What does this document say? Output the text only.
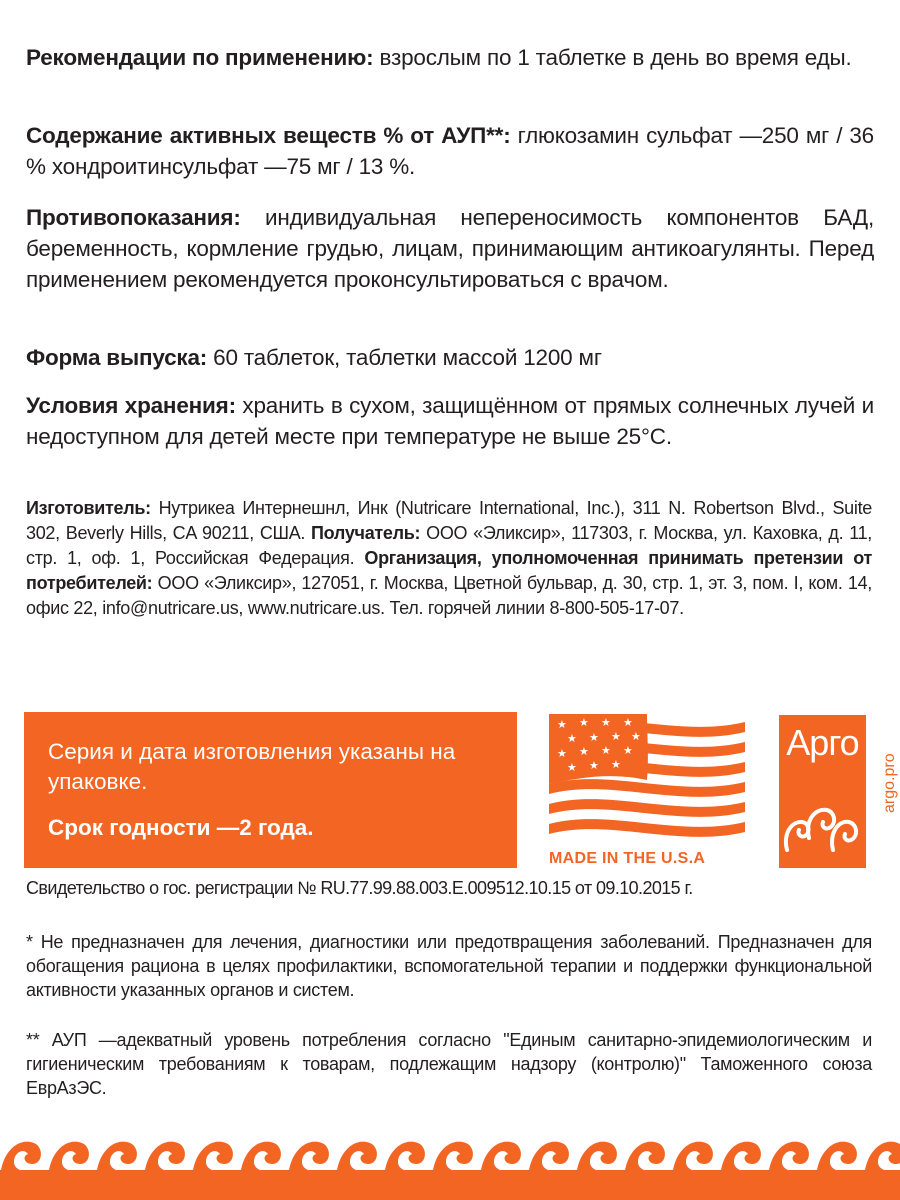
Рекомендации по применению: взрослым по 1 таблетке в день во время еды.
Содержание активных веществ % от АУП**: глюкозамин сульфат —250 мг / 36 % хондроитинсульфат —75 мг / 13 %.
Противопоказания: индивидуальная непереносимость компонентов БАД, беременность, кормление грудью, лицам, принимающим антикоагулянты. Перед применением рекомендуется проконсультироваться с врачом.
Форма выпуска: 60 таблеток, таблетки массой 1200 мг
Условия хранения: хранить в сухом, защищённом от прямых солнечных лучей и недоступном для детей месте при температуре не выше 25°С.
Изготовитель: Нутрикеа Интернешнл, Инк (Nutricare International, Inc.), 311 N. Robertson Blvd., Suite 302, Beverly Hills, CA 90211, США. Получатель: ООО «Эликсир», 117303, г. Москва, ул. Каховка, д. 11, стр. 1, оф. 1, Российская Федерация. Организация, уполномоченная принимать претензии от потребителей: ООО «Эликсир», 127051, г. Москва, Цветной бульвар, д. 30, стр. 1, эт. 3, пом. I, ком. 14, офис 22, info@nutricare.us, www.nutricare.us. Тел. горячей линии 8-800-505-17-07.
Серия и дата изготовления указаны на упаковке.
Срок годности —2 года.
★ ★ ★ ★
★ ★ ★ ★
★ ★ ★ ★
★ ★ ★
MADE IN THE U.S.A
Арго
argo.pro
Свидетельство о гос. регистрации № RU.77.99.88.003.Е.009512.10.15 от 09.10.2015 г.
* Не предназначен для лечения, диагностики или предотвращения заболеваний. Предназначен для обогащения рациона в целях профилактики, вспомогательной терапии и поддержки функциональной активности указанных органов и систем.
** АУП —адекватный уровень потребления согласно "Единым санитарно-эпидемиологическим и гигиеническим требованиям к товарам, подлежащим надзору (контролю)" Таможенного союза ЕврАзЭС.
